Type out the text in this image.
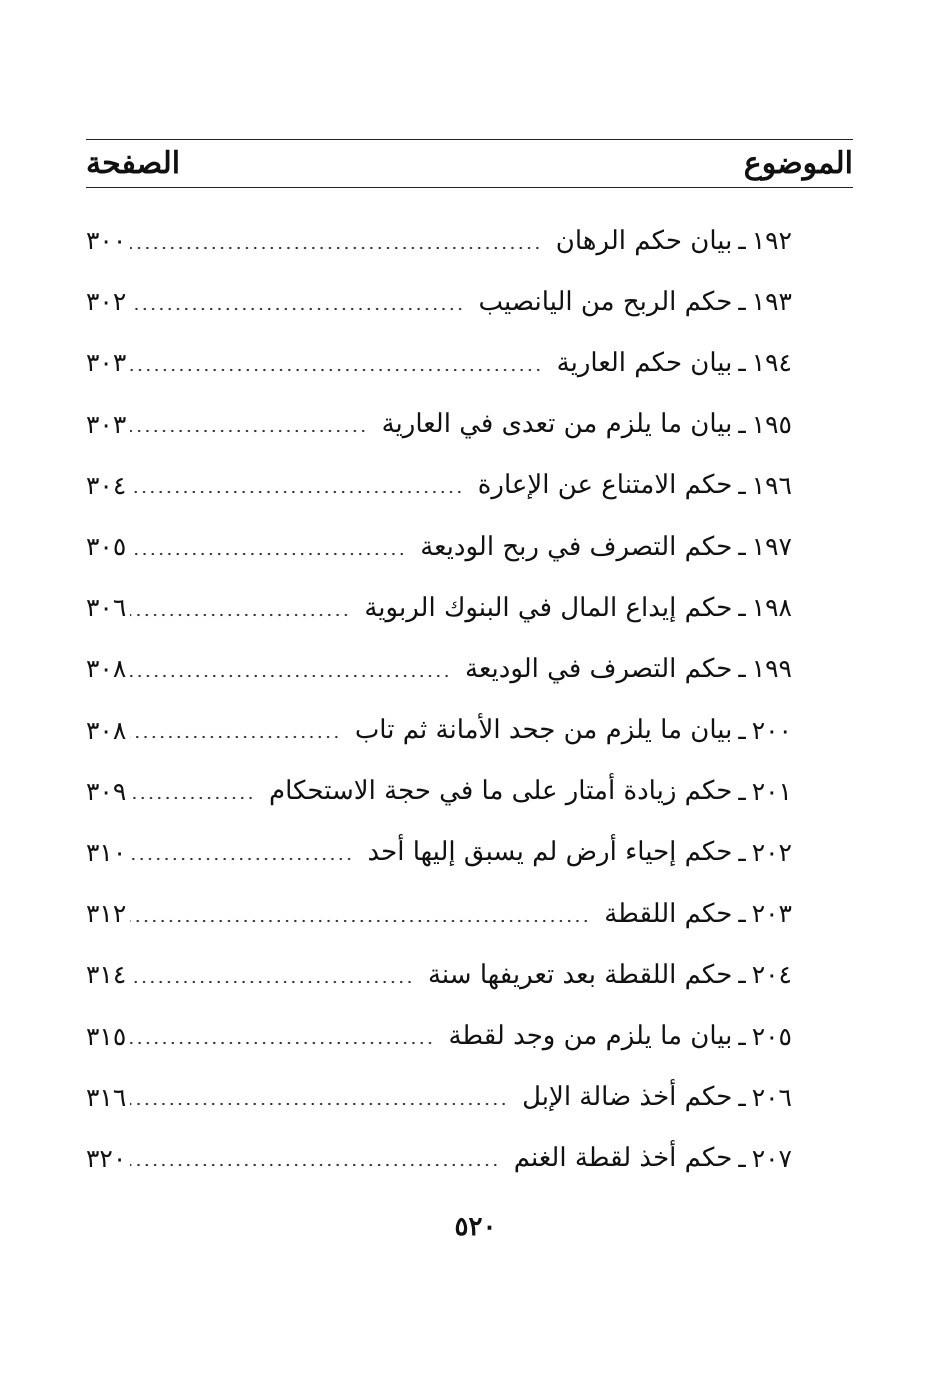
الموضوع
الصفحة
١٩٢
ـ
بيان حكم الرهان
٣٠٠
١٩٣
ـ
حكم الربح من اليانصيب
٣٠٢
١٩٤
ـ
بيان حكم العارية
٣٠٣
١٩٥
ـ
بيان ما يلزم من تعدى في العارية
٣٠٣
١٩٦
ـ
حكم الامتناع عن الإعارة
٣٠٤
١٩٧
ـ
حكم التصرف في ربح الوديعة
٣٠٥
١٩٨
ـ
حكم إيداع المال في البنوك الربوية
٣٠٦
١٩٩
ـ
حكم التصرف في الوديعة
٣٠٨
٢٠٠
ـ
بيان ما يلزم من جحد الأمانة ثم تاب
٣٠٨
٢٠١
ـ
حكم زيادة أمتار على ما في حجة الاستحكام
٣٠٩
٢٠٢
ـ
حكم إحياء أرض لم يسبق إليها أحد
٣١٠
٢٠٣
ـ
حكم اللقطة
٣١٢
٢٠٤
ـ
حكم اللقطة بعد تعريفها سنة
٣١٤
٢٠٥
ـ
بيان ما يلزم من وجد لقطة
٣١٥
٢٠٦
ـ
حكم أخذ ضالة الإبل
٣١٦
٢٠٧
ـ
حكم أخذ لقطة الغنم
٣٢٠
٥٢٠
